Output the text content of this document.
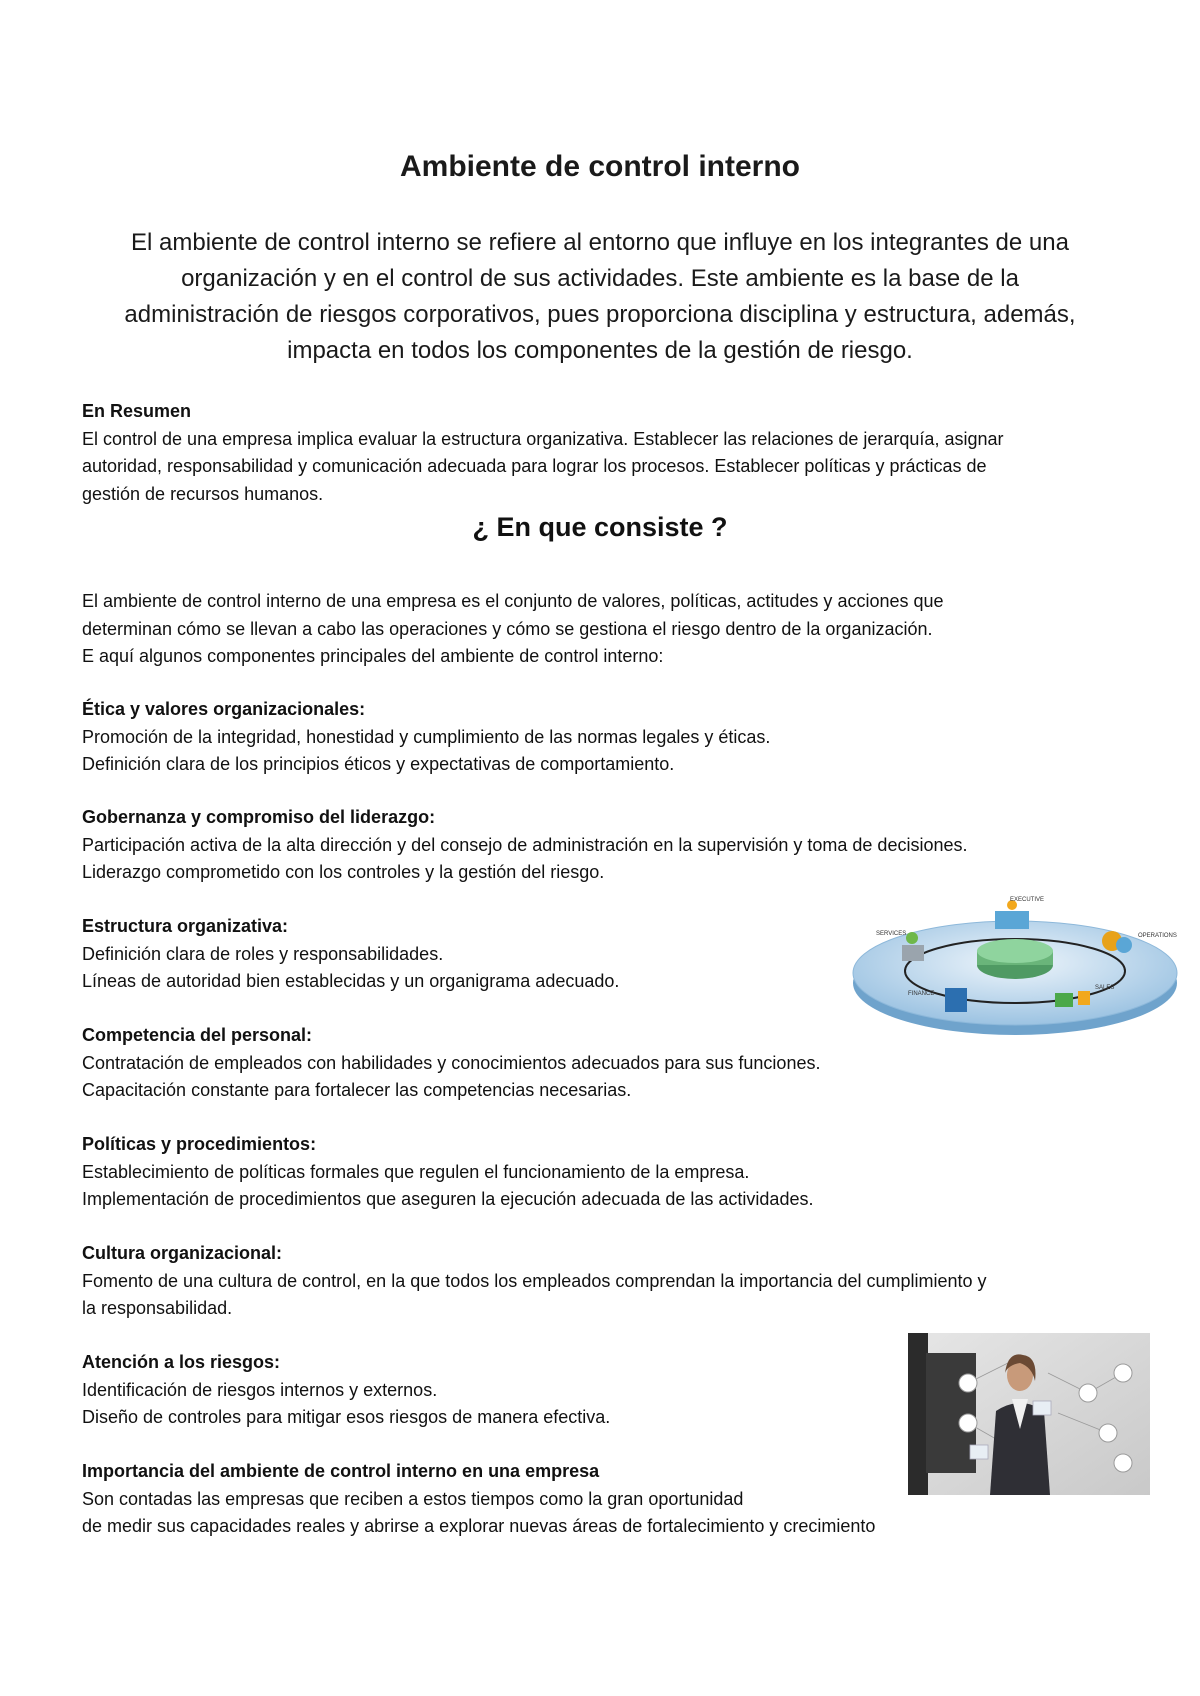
Ambiente de control interno
El ambiente de control interno se refiere al entorno que influye en los integrantes de una
organización y en el control de sus actividades. Este ambiente es la base de la
administración de riesgos corporativos, pues proporciona disciplina y estructura, además,
impacta en todos los componentes de la gestión de riesgo.
En Resumen
El control de una empresa implica evaluar la estructura organizativa. Establecer las relaciones de jerarquía, asignar
autoridad, responsabilidad y comunicación adecuada para lograr los procesos. Establecer políticas y prácticas de
gestión de recursos humanos.
¿ En que consiste ?
El ambiente de control interno de una empresa es el conjunto de valores, políticas, actitudes y acciones que
determinan cómo se llevan a cabo las operaciones y cómo se gestiona el riesgo dentro de la organización.
E aquí algunos componentes principales del ambiente de control interno:
Ética y valores organizacionales:
Promoción de la integridad, honestidad y cumplimiento de las normas legales y éticas.
Definición clara de los principios éticos y expectativas de comportamiento.
Gobernanza y compromiso del liderazgo:
Participación activa de la alta dirección y del consejo de administración en la supervisión y toma de decisiones.
Liderazgo comprometido con los controles y la gestión del riesgo.
Estructura organizativa:
Definición clara de roles y responsabilidades.
Líneas de autoridad bien establecidas y un organigrama adecuado.
Competencia del personal:
Contratación de empleados con habilidades y conocimientos adecuados para sus funciones.
Capacitación constante para fortalecer las competencias necesarias.
Políticas y procedimientos:
Establecimiento de políticas formales que regulen el funcionamiento de la empresa.
Implementación de procedimientos que aseguren la ejecución adecuada de las actividades.
Cultura organizacional:
Fomento de una cultura de control, en la que todos los empleados comprendan la importancia del cumplimiento y
la responsabilidad.
Atención a los riesgos:
Identificación de riesgos internos y externos.
Diseño de controles para mitigar esos riesgos de manera efectiva.
Importancia del ambiente de control interno en una empresa
Son contadas las empresas que reciben a estos tiempos como la gran oportunidad
de medir sus capacidades reales y abrirse a explorar nuevas áreas de fortalecimiento y crecimiento
EXECUTIVE
SERVICES	OPERATIONS
FINANCE
SALES
